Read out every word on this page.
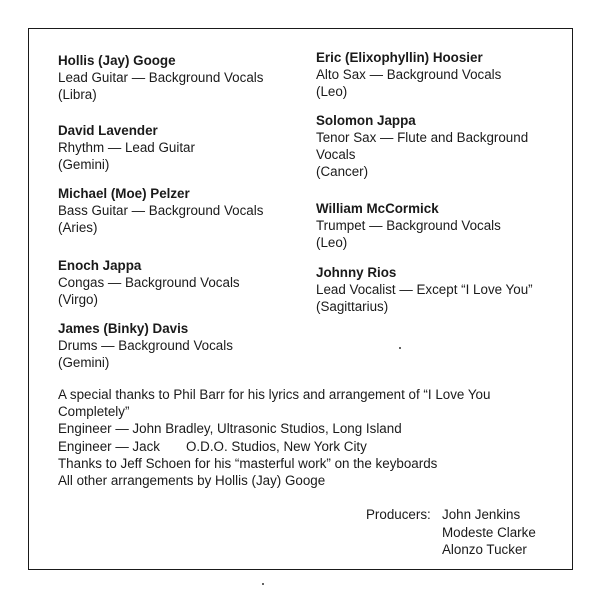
Hollis (Jay) Googe
Lead Guitar — Background Vocals
(Libra)
David Lavender
Rhythm — Lead Guitar
(Gemini)
Michael (Moe) Pelzer
Bass Guitar — Background Vocals
(Aries)
Enoch Jappa
Congas — Background Vocals
(Virgo)
James (Binky) Davis
Drums — Background Vocals
(Gemini)
Eric (Elixophyllin) Hoosier
Alto Sax — Background Vocals
(Leo)
Solomon Jappa
Tenor Sax — Flute and Background
Vocals
(Cancer)
William McCormick
Trumpet — Background Vocals
(Leo)
Johnny Rios
Lead Vocalist — Except “I Love You”
(Sagittarius)
A special thanks to Phil Barr for his lyrics and arrangement of “I Love You
Completely”
Engineer — John Bradley, Ultrasonic Studios, Long Island
Engineer — Jack       O.D.O. Studios, New York City
Thanks to Jeff Schoen for his “masterful work” on the keyboards
All other arrangements by Hollis (Jay) Googe
Producers: John Jenkins
Modeste Clarke
Alonzo Tucker
